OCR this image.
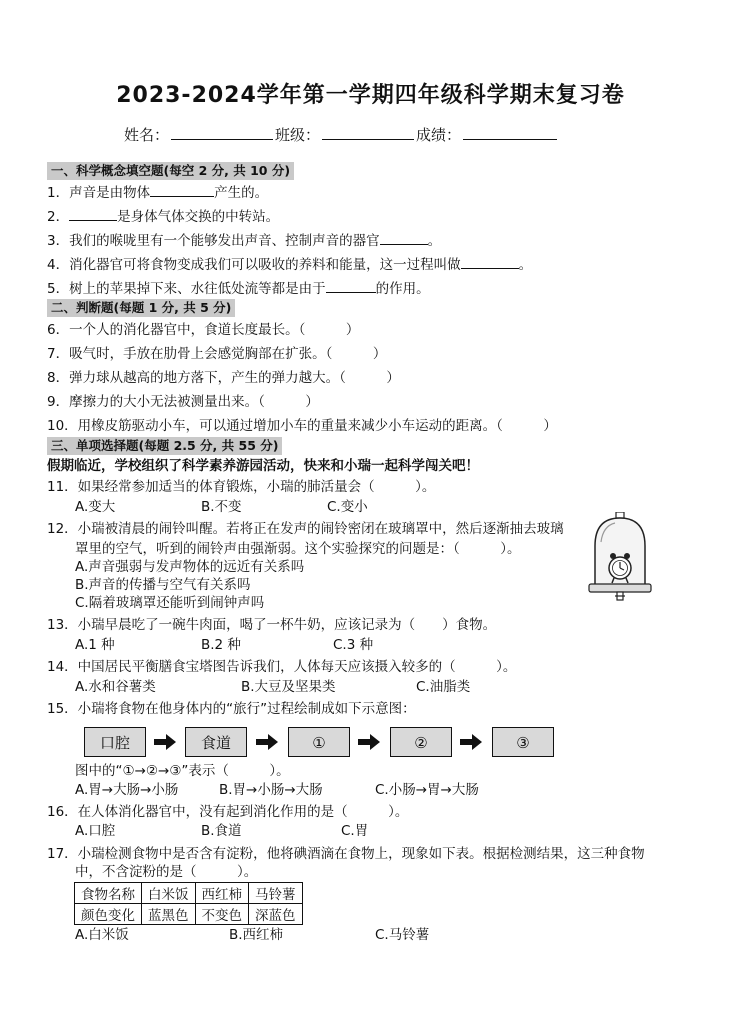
2023-2024学年第一学期四年级科学期末复习卷
姓名：	班级：	成绩：
一、科学概念填空题(每空 2 分, 共 10 分)
1．声音是由物体	产生的。
2．	是身体气体交换的中转站。
3．我们的喉咙里有一个能够发出声音、控制声音的器官	。
4．消化器官可将食物变成我们可以吸收的养料和能量，这一过程叫做	。
5．树上的苹果掉下来、水往低处流等都是由于	的作用。
二、判断题(每题 1 分, 共 5 分)
6．一个人的消化器官中，食道长度最长。（　　　）
7．吸气时，手放在肋骨上会感觉胸部在扩张。（　　　）
8．弹力球从越高的地方落下，产生的弹力越大。（　　　）
9．摩擦力的大小无法被测量出来。（　　　）
10．用橡皮筋驱动小车，可以通过增加小车的重量来减少小车运动的距离。（　　　）
三、单项选择题(每题 2.5 分, 共 55 分)
假期临近，学校组织了科学素养游园活动，快来和小瑞一起科学闯关吧！
11．如果经常参加适当的体育锻炼，小瑞的肺活量会（　　　）。
A.变大	B.不变	C.变小
12．小瑞被清晨的闹铃叫醒。若将正在发声的闹铃密闭在玻璃罩中，然后逐渐抽去玻璃
罩里的空气，听到的闹铃声由强渐弱。这个实验探究的问题是：（　　　）。
A.声音强弱与发声物体的远近有关系吗
B.声音的传播与空气有关系吗
C.隔着玻璃罩还能听到闹钟声吗
13．小瑞早晨吃了一碗牛肉面，喝了一杯牛奶，应该记录为（　　）食物。
A.1 种	B.2 种	C.3 种
14．中国居民平衡膳食宝塔图告诉我们，人体每天应该摄入较多的（　　　）。
A.水和谷薯类	B.大豆及坚果类	C.油脂类
15．小瑞将食物在他身体内的“旅行”过程绘制成如下示意图：
口腔	食道	①	②	③
图中的“①→②→③”表示（　　　）。
A.胃→大肠→小肠	B.胃→小肠→大肠	C.小肠→胃→大肠
16．在人体消化器官中，没有起到消化作用的是（　　　）。
A.口腔	B.食道	C.胃
17．小瑞检测食物中是否含有淀粉，他将碘酒滴在食物上，现象如下表。根据检测结果，这三种食物
中，不含淀粉的是（　　　）。
食物名称	白米饭	西红柿	马铃薯
颜色变化	蓝黑色	不变色	深蓝色
A.白米饭	B.西红柿	C.马铃薯
